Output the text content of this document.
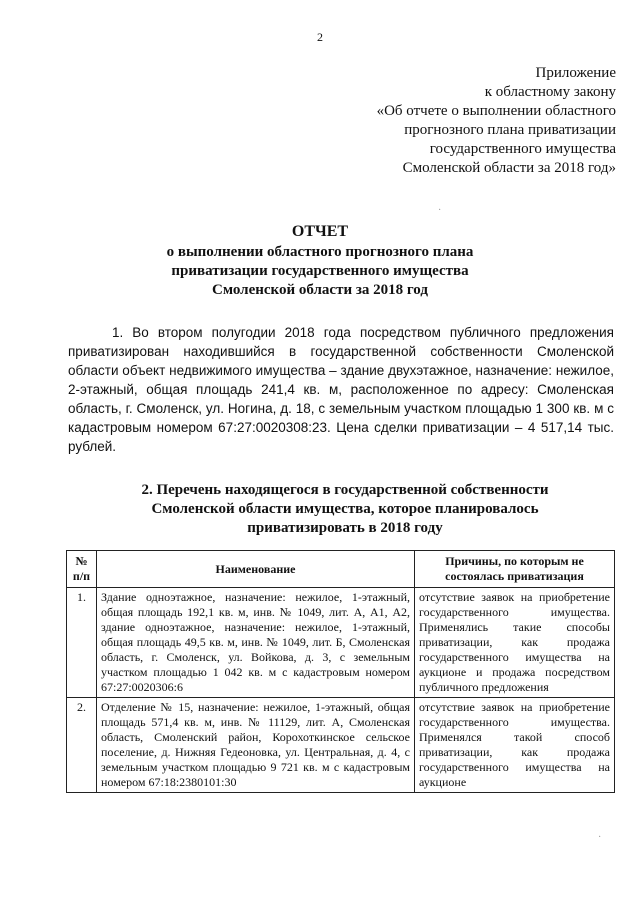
2
Приложение
к областному закону
«Об отчете о выполнении областного
прогнозного плана приватизации
государственного имущества
Смоленской области за 2018 год»
ОТЧЕТ
о выполнении областного прогнозного плана
приватизации государственного имущества
Смоленской области за 2018 год
1. Во втором полугодии 2018 года посредством публичного предложения приватизирован находившийся в государственной собственности Смоленской области объект недвижимого имущества – здание двухэтажное, назначение: нежилое, 2-этажный, общая площадь 241,4 кв. м, расположенное по адресу: Смоленская область, г. Смоленск, ул. Ногина, д. 18, с земельным участком площадью 1 300 кв. м с кадастровым номером 67:27:0020308:23. Цена сделки приватизации – 4 517,14 тыс. рублей.
2. Перечень находящегося в государственной собственности
Смоленской области имущества, которое планировалось
приватизировать в 2018 году
№
п/п	Наименование	Причины, по которым не состоялась приватизация
1.	Здание одноэтажное, назначение: нежилое, 1-этажный, общая площадь 192,1 кв. м, инв. № 1049, лит. А, А1, А2, здание одноэтажное, назначение: нежилое, 1-этажный, общая площадь 49,5 кв. м, инв. № 1049, лит. Б, Смоленская область, г. Смоленск, ул. Войкова, д. 3, с земельным участком площадью 1 042 кв. м с кадастровым номером 67:27:0020306:6	отсутствие заявок на приобретение государственного имущества. Применялись такие способы приватизации, как продажа государственного имущества на аукционе и продажа посредством публичного предложения
2.	Отделение № 15, назначение: нежилое, 1-этажный, общая площадь 571,4 кв. м, инв. № 11129, лит. А, Смоленская область, Смоленский район, Корохоткинское сельское поселение, д. Нижняя Гедеоновка, ул. Центральная, д. 4, с земельным участком площадью 9 721 кв. м с кадастровым номером 67:18:2380101:30	отсутствие заявок на приобретение государственного имущества. Применялся такой способ приватизации, как продажа государственного имущества на аукционе
·
·
